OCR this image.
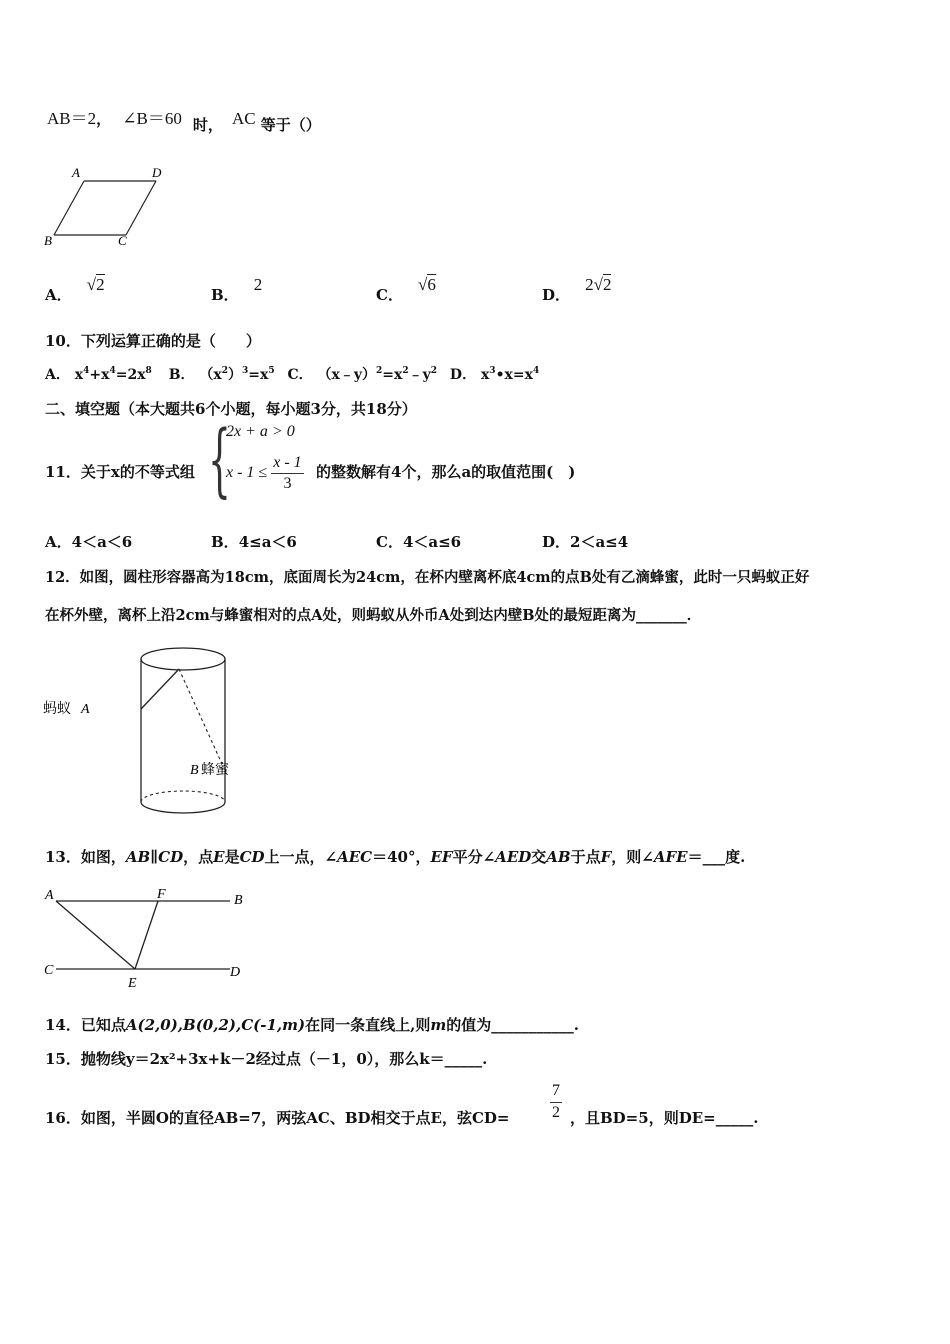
AB＝2， ∠B＝60 时， AC 等于（）
A	D
B	C
A． √2
B． 2
C． √6
D． 2√2
10．下列运算正确的是（　　）
A． $x^4+x^4=2x^8$ B． $(x^2)^3=x^5$ C． $(x﹣y)^2=x^2﹣y^2$ D． $x^3•x=x^4$
二、填空题（本大题共6个小题，每小题3分，共18分）
11．关于x的不等式组 {
2x + a > 0
$x - 1 \le \frac{x - 1}{3}$ 的整数解有4个，那么a的取值范围(　)
A．4＜a＜6	B．4≤a＜6	C．4＜a≤6	D．2＜a≤4
12．如图，圆柱形容器高为18cm，底面周长为24cm，在杯内壁离杯底4cm的点B处有乙滴蜂蜜，此时一只蚂蚁正好
在杯外壁，离杯上沿2cm与蜂蜜相对的点A处，则蚂蚁从外币A处到达内壁B处的最短距离为_______．
蚂蚁 A
B 蜂蜜
13．如图，AB∥CD，点E是CD上一点，∠AEC＝40°，EF平分∠AED交AB于点F，则∠AFE＝___度.
A	F	B
C
E
D
14．已知点A(2,0),B(0,2),C(-1,m)在同一条直线上,则m的值为___________.
15．抛物线y＝2x²+3x+k－2经过点（－1，0），那么k＝_____.
16．如图，半圆O的直径AB=7，两弦AC、BD相交于点E，弦CD=	$\frac{7}{2}$ ，且BD=5，则DE=_____.
